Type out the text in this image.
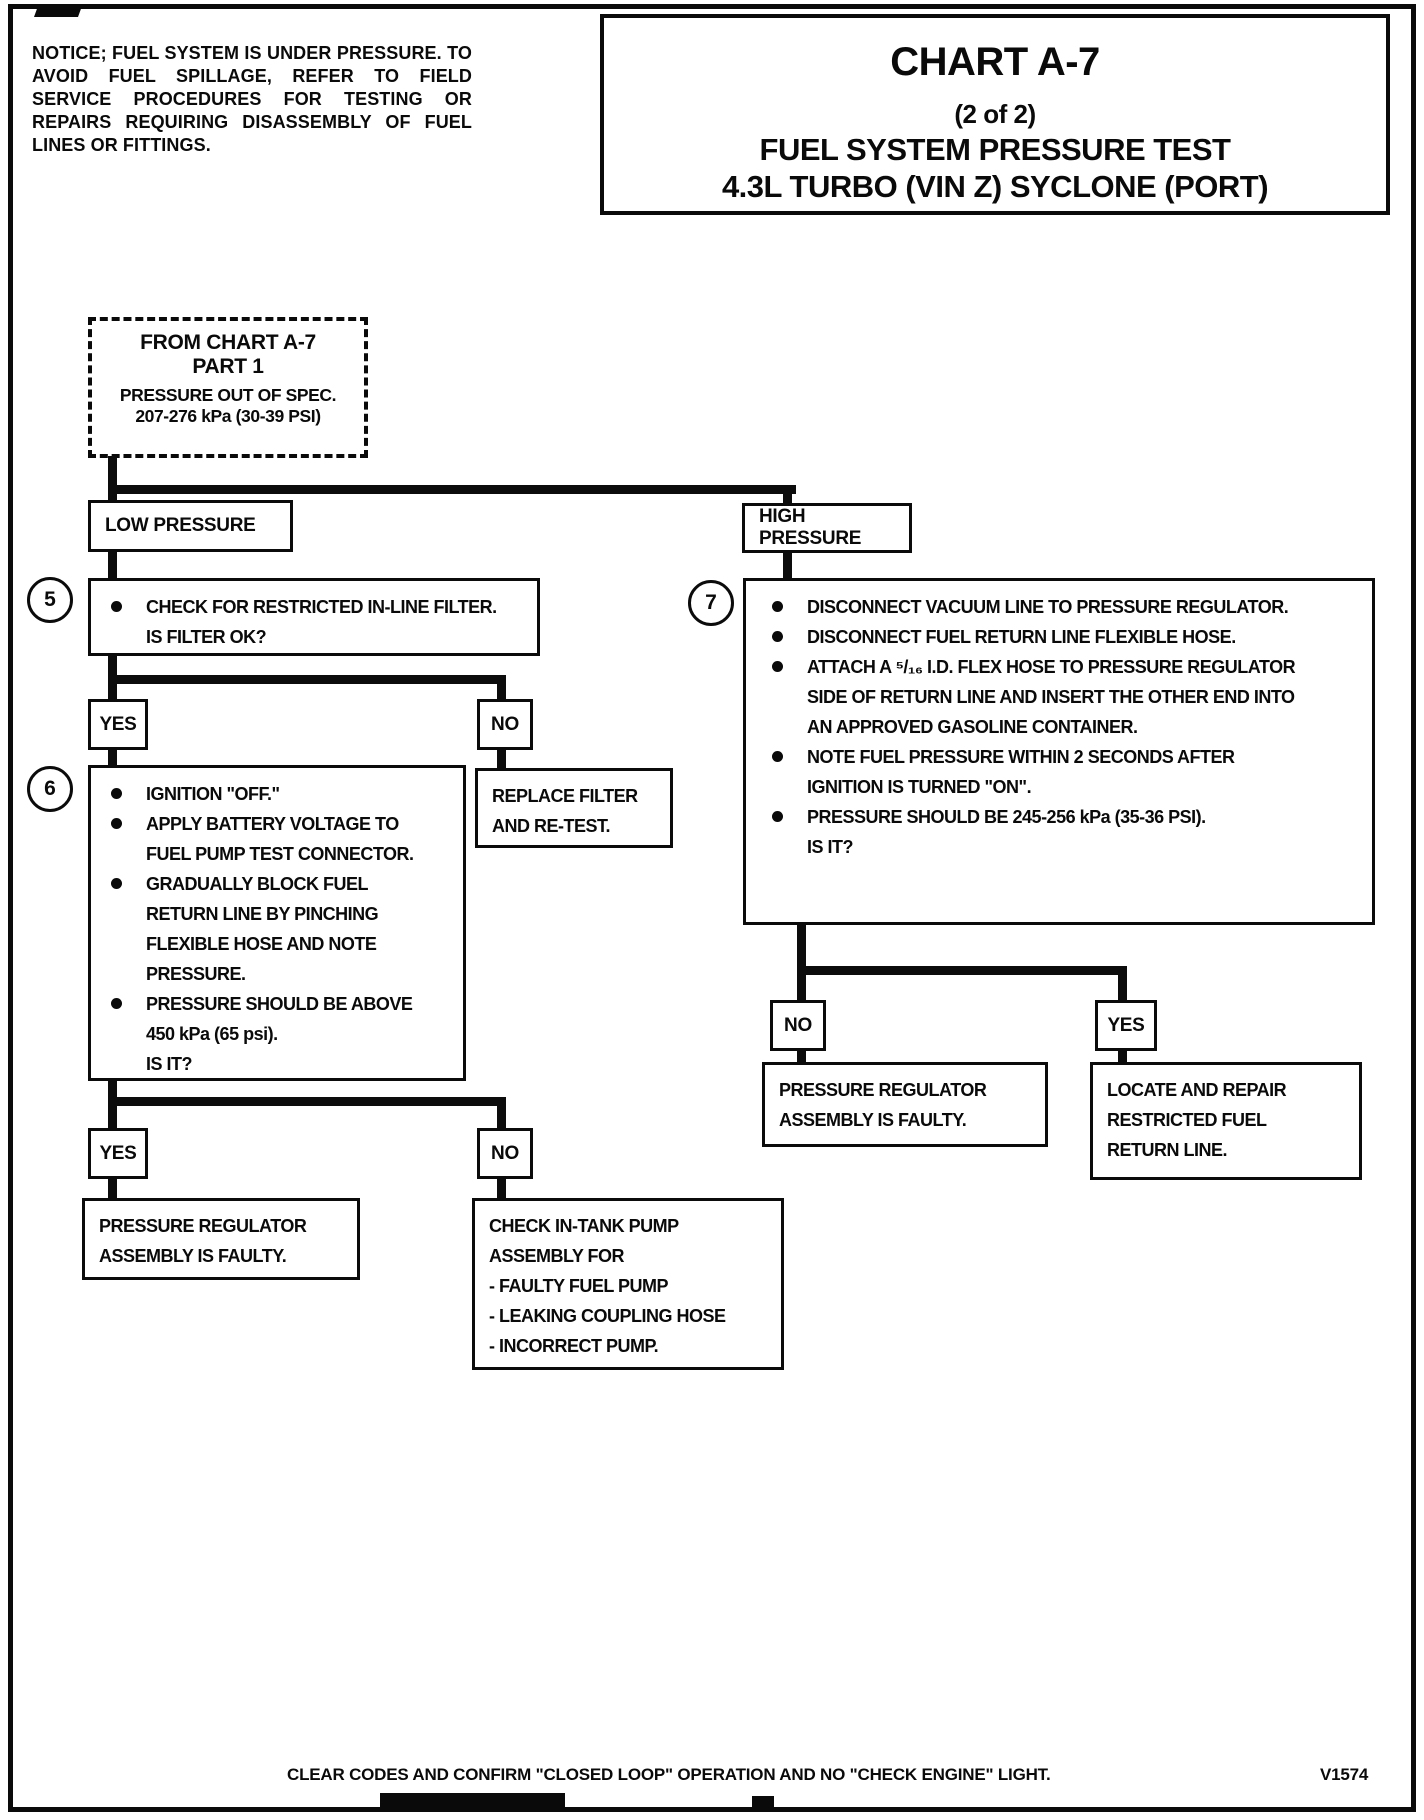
NOTICE; FUEL SYSTEM IS UNDER PRESSURE. TO AVOID FUEL SPILLAGE, REFER TO FIELD SERVICE PROCEDURES FOR TESTING OR REPAIRS REQUIRING DISASSEMBLY OF FUEL LINES OR FITTINGS.
CHART A-7
(2 of 2)
FUEL SYSTEM PRESSURE TEST
4.3L TURBO (VIN Z) SYCLONE (PORT)
FROM CHART A-7
PART 1
PRESSURE OUT OF SPEC.
207-276 kPa (30-39 PSI)
LOW PRESSURE
5	CHECK FOR RESTRICTED IN-LINE FILTER.
IS FILTER OK?
YES	NO
6	IGNITION "OFF."
APPLY BATTERY VOLTAGE TO FUEL PUMP TEST CONNECTOR.
GRADUALLY BLOCK FUEL RETURN LINE BY PINCHING FLEXIBLE HOSE AND NOTE PRESSURE.
PRESSURE SHOULD BE ABOVE 450 kPa (65 psi).
IS IT?
REPLACE FILTER
AND RE-TEST.
YES	NO
PRESSURE REGULATOR
ASSEMBLY IS FAULTY.
CHECK IN-TANK PUMP
ASSEMBLY FOR
- FAULTY FUEL PUMP
- LEAKING COUPLING HOSE
- INCORRECT PUMP.
HIGH PRESSURE
7	DISCONNECT VACUUM LINE TO PRESSURE REGULATOR.
DISCONNECT FUEL RETURN LINE FLEXIBLE HOSE.
ATTACH A ⁵/₁₆ I.D. FLEX HOSE TO PRESSURE REGULATOR SIDE OF RETURN LINE AND INSERT THE OTHER END INTO AN APPROVED GASOLINE CONTAINER.
NOTE FUEL PRESSURE WITHIN 2 SECONDS AFTER IGNITION IS TURNED "ON".
PRESSURE SHOULD BE 245-256 kPa (35-36 PSI).
IS IT?
NO	YES
PRESSURE REGULATOR
ASSEMBLY IS FAULTY.
LOCATE AND REPAIR
RESTRICTED FUEL
RETURN LINE.
CLEAR CODES AND CONFIRM "CLOSED LOOP" OPERATION AND NO "CHECK ENGINE" LIGHT.	V1574
